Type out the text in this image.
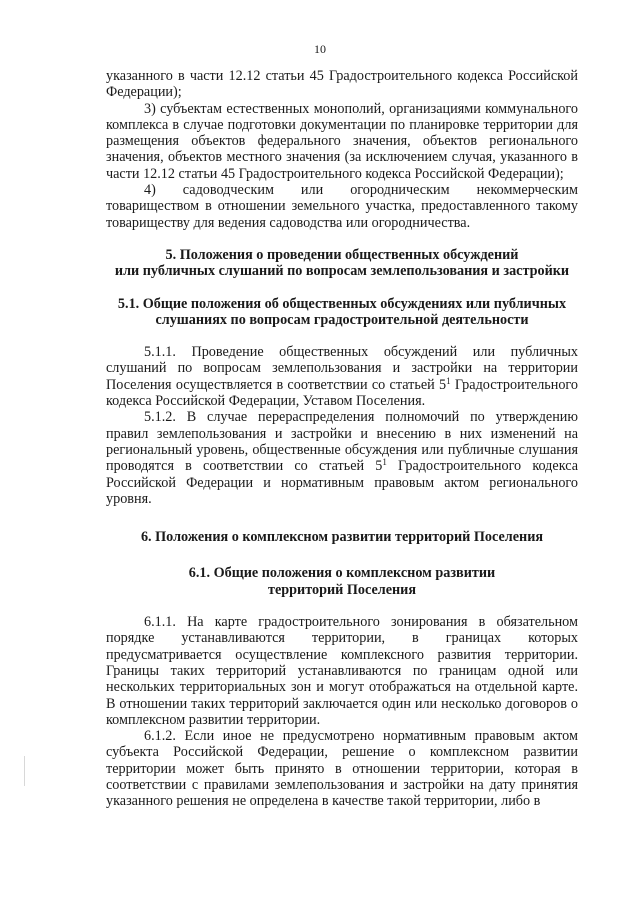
10

указанного в части 12.12 статьи 45 Градостроительного кодекса Российской Федерации);

3) субъектам естественных монополий, организациями коммунального комплекса в случае подготовки документации по планировке территории для размещения объектов федерального значения, объектов регионального значения, объектов местного значения (за исключением случая, указанного в части 12.12 статьи 45 Градостроительного кодекса Российской Федерации);

4) садоводческим или огородническим некоммерческим товариществом в отношении земельного участка, предоставленного такому товариществу для ведения садоводства или огородничества.

5. Положения о проведении общественных обсуждений
или публичных слушаний по вопросам землепользования и застройки
5.1. Общие положения об общественных обсуждениях или публичных
слушаниях по вопросам градостроительной деятельности

5.1.1. Проведение общественных обсуждений или публичных слушаний по вопросам землепользования и застройки на территории Поселения осуществляется в соответствии со статьей $5^1$ Градостроительного кодекса Российской Федерации, Уставом Поселения.

5.1.2. В случае перераспределения полномочий по утверждению правил землепользования и застройки и внесению в них изменений на региональный уровень, общественные обсуждения или публичные слушания проводятся в соответствии со статьей $5^1$ Градостроительного кодекса Российской Федерации и нормативным правовым актом регионального уровня.

6. Положения о комплексном развитии территорий Поселения
6.1. Общие положения о комплексном развитии
территорий Поселения

6.1.1. На карте градостроительного зонирования в обязательном порядке устанавливаются территории, в границах которых предусматривается осуществление комплексного развития территории. Границы таких территорий устанавливаются по границам одной или нескольких территориальных зон и могут отображаться на отдельной карте. В отношении таких территорий заключается один или несколько договоров о комплексном развитии территории.

6.1.2. Если иное не предусмотрено нормативным правовым актом субъекта Российской Федерации, решение о комплексном развитии территории может быть принято в отношении территории, которая в соответствии с правилами землепользования и застройки на дату принятия указанного решения не определена в качестве такой территории, либо в
